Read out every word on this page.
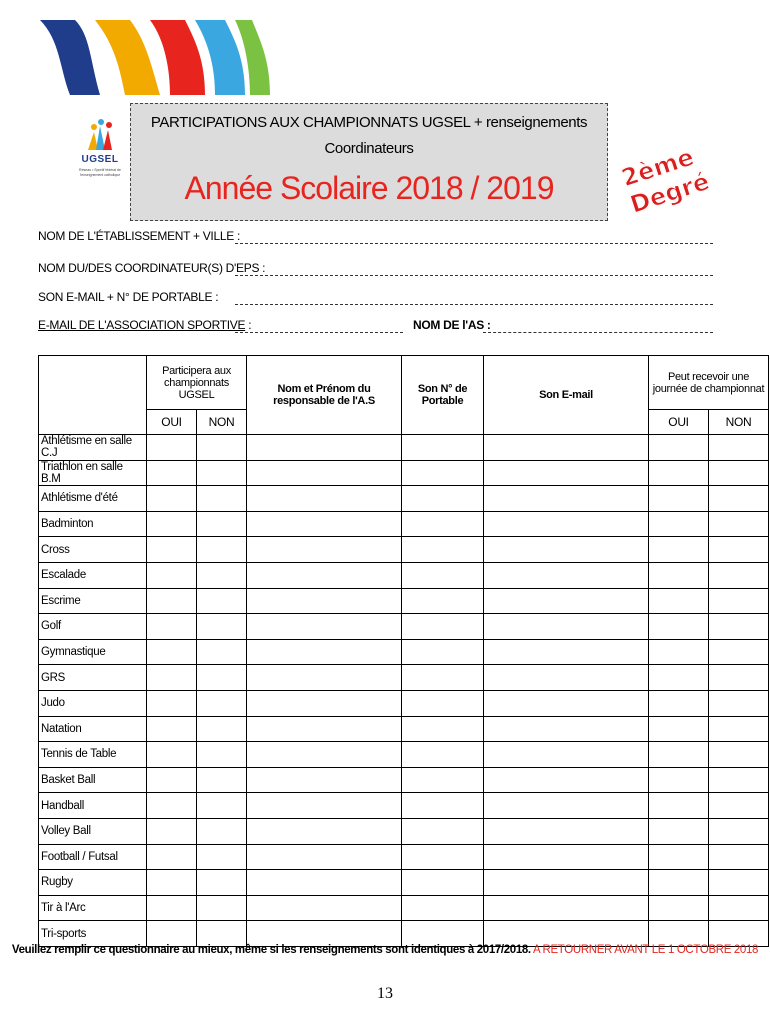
UGSEL
Réseau • Sportif fédéral de l'enseignement catholique
PARTICIPATIONS AUX CHAMPIONNATS UGSEL + renseignements
Coordinateurs
Année Scolaire 2018 / 2019	2ème Degré
NOM DE L'ÉTABLISSEMENT + VILLE :
NOM DU/DES COORDINATEUR(S) D'EPS :
SON E-MAIL + N° DE PORTABLE :
E-MAIL DE L'ASSOCIATION SPORTIVE :	NOM DE l'AS :
	Participera aux championnats UGSEL		Nom et Prénom du responsable de l'A.S	Son N° de Portable	Son E-mail	Peut recevoir une journée de championnat	
	OUI	NON				OUI	NON
Athlétisme en salle C.J							
Triathlon en salle B.M							
Athlétisme d'été							
Badminton							
Cross							
Escalade							
Escrime							
Golf							
Gymnastique							
GRS							
Judo							
Natation							
Tennis de Table							
Basket Ball							
Handball							
Volley Ball							
Football / Futsal							
Rugby							
Tir à l'Arc							
Tri-sports							
Veuillez remplir ce questionnaire au mieux, même si les renseignements sont identiques à 2017/2018. A RETOURNER AVANT LE 1 OCTOBRE 2018
13
